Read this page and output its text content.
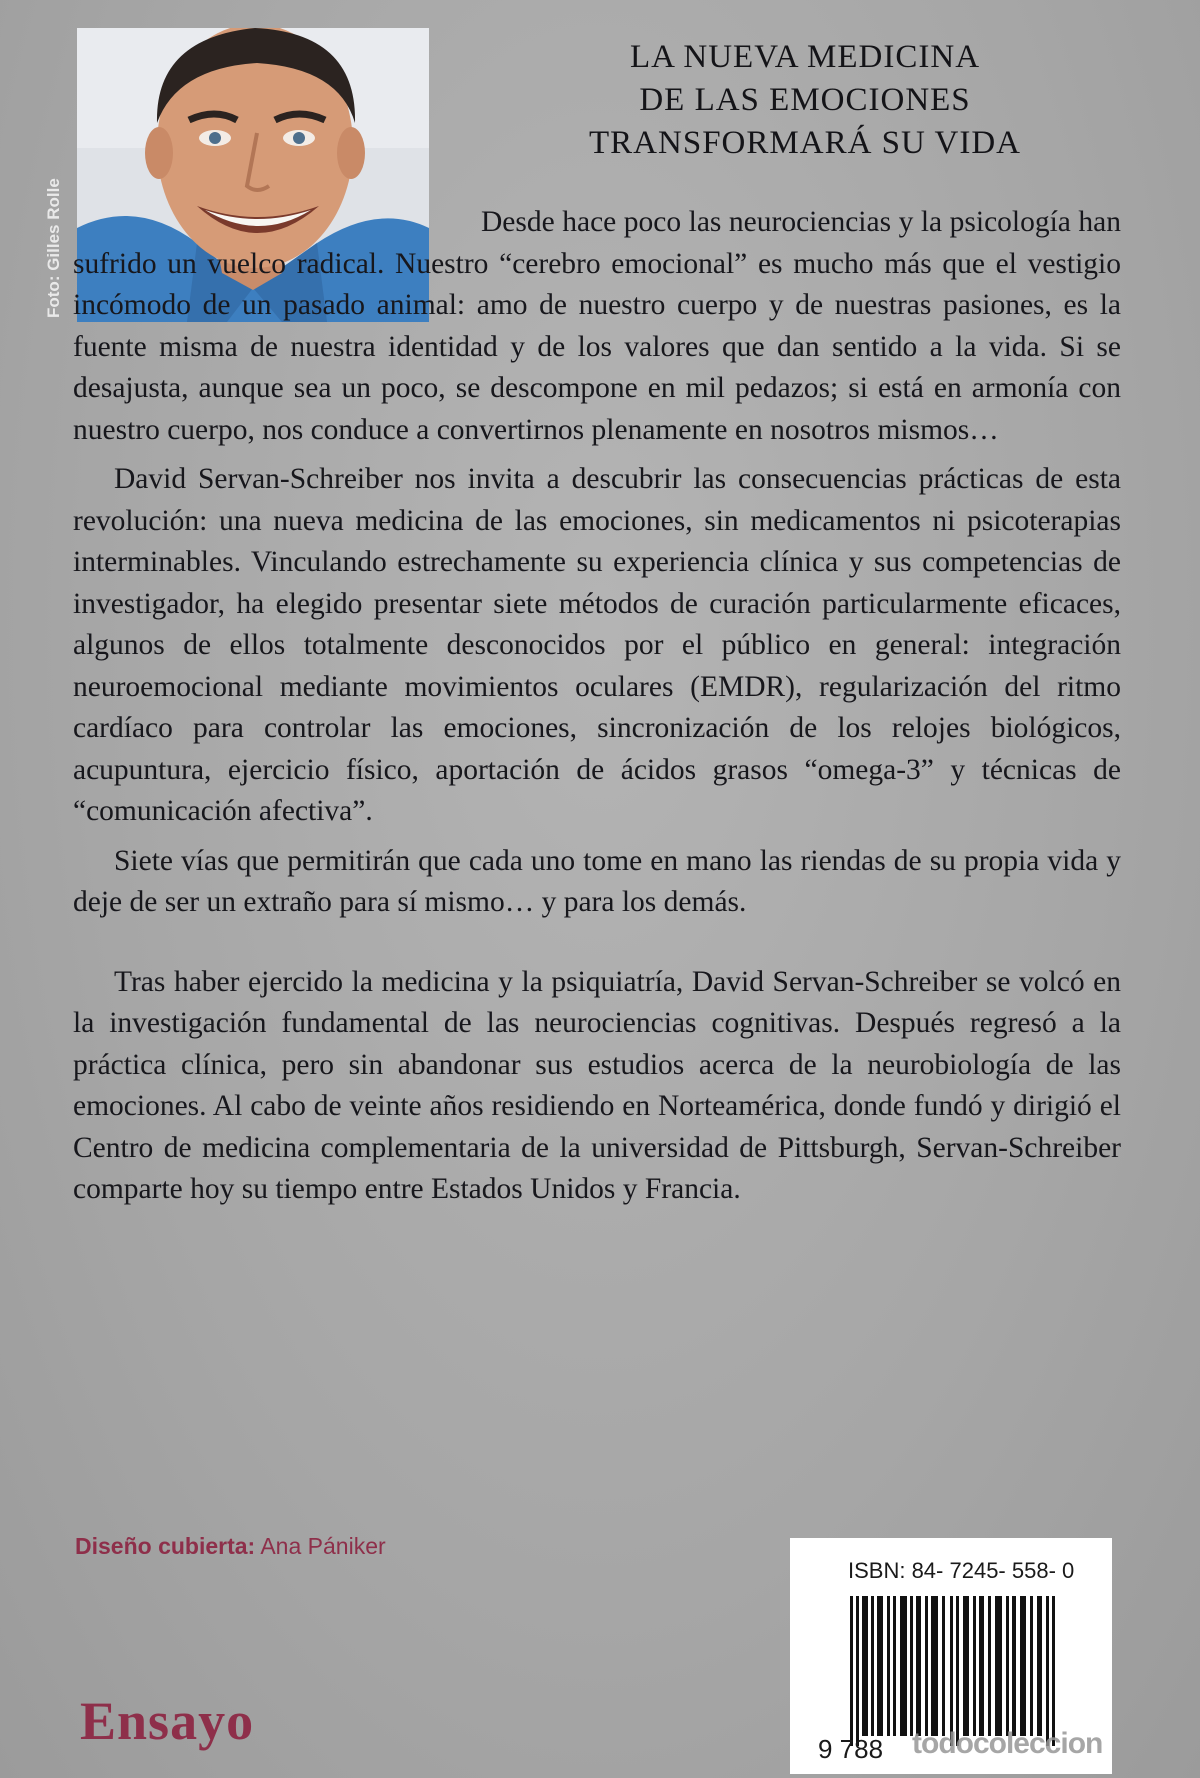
Foto: Gilles Rolle
LA NUEVA MEDICINA
DE LAS EMOCIONES
TRANSFORMARÁ SU VIDA

Desde hace poco las neurociencias y la psicología han sufrido un vuelco radical. Nuestro “cerebro emocional” es mucho más que el vestigio incómodo de un pasado animal: amo de nuestro cuerpo y de nuestras pasiones, es la fuente misma de nuestra identidad y de los valores que dan sentido a la vida. Si se desajusta, aunque sea un poco, se descompone en mil pedazos; si está en armonía con nuestro cuerpo, nos conduce a convertirnos plenamente en nosotros mismos…

David Servan-Schreiber nos invita a descubrir las consecuencias prácticas de esta revolución: una nueva medicina de las emociones, sin medicamentos ni psicoterapias interminables. Vinculando estrechamente su experiencia clínica y sus competencias de investigador, ha elegido presentar siete métodos de curación particularmente eficaces, algunos de ellos totalmente desconocidos por el público en general: integración neuroemocional mediante movimientos oculares (EMDR), regularización del ritmo cardíaco para controlar las emociones, sincronización de los relojes biológicos, acupuntura, ejercicio físico, aportación de ácidos grasos “omega-3” y técnicas de “comunicación afectiva”.

Siete vías que permitirán que cada uno tome en mano las riendas de su propia vida y deje de ser un extraño para sí mismo… y para los demás.

Tras haber ejercido la medicina y la psiquiatría, David Servan-Schreiber se volcó en la investigación fundamental de las neurociencias cognitivas. Después regresó a la práctica clínica, pero sin abandonar sus estudios acerca de la neurobiología de las emociones. Al cabo de veinte años residiendo en Norteamérica, donde fundó y dirigió el Centro de medicina complementaria de la universidad de Pittsburgh, Servan-Schreiber comparte hoy su tiempo entre Estados Unidos y Francia.

Diseño cubierta: Ana Pániker
ISBN: 84- 7245- 558- 0
9 788 todocoleccion
Ensayo
